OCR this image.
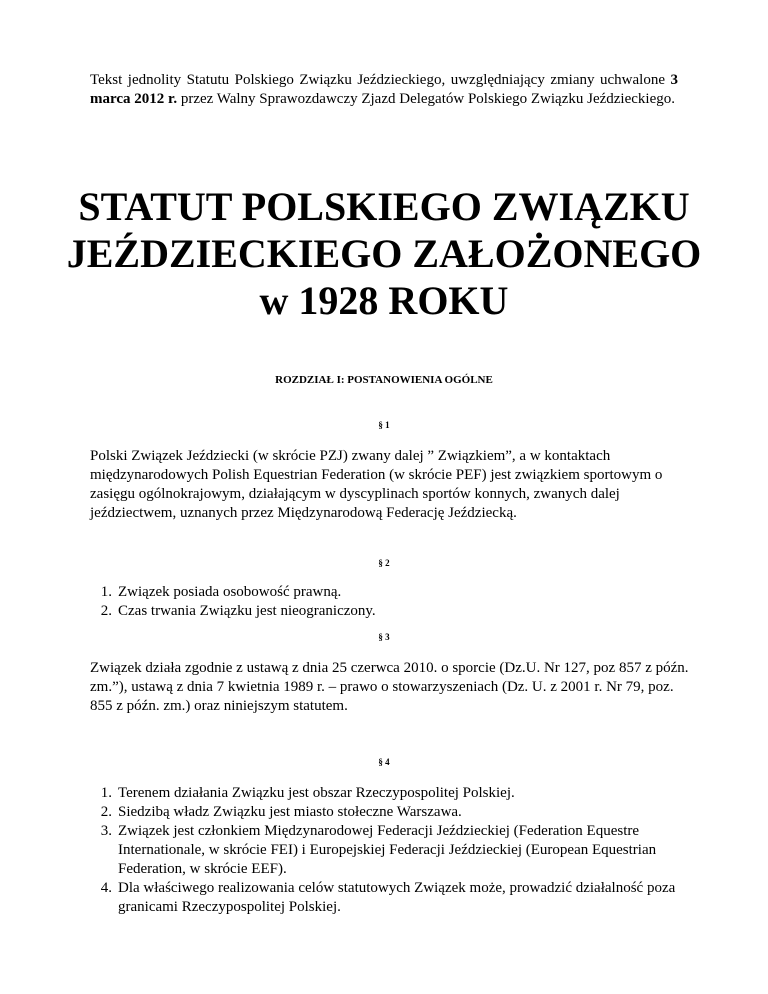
Tekst jednolity Statutu Polskiego Związku Jeździeckiego, uwzględniający zmiany uchwalone 3 marca 2012 r. przez Walny Sprawozdawczy Zjazd Delegatów Polskiego Związku Jeździeckiego.

STATUT POLSKIEGO ZWIĄZKU
JEŹDZIECKIEGO ZAŁOŻONEGO
w 1928 ROKU

ROZDZIAŁ I: POSTANOWIENIA OGÓLNE

§ 1

Polski Związek Jeździecki (w skrócie PZJ) zwany dalej ” Związkiem”, a w kontaktach międzynarodowych Polish Equestrian Federation (w skrócie PEF) jest związkiem sportowym o zasięgu ogólnokrajowym, działającym w dyscyplinach sportów konnych, zwanych dalej jeździectwem, uznanych przez Międzynarodową Federację Jeździecką.

§ 2

1. Związek posiada osobowość prawną.
2. Czas trwania Związku jest nieograniczony.

§ 3

Związek działa zgodnie z ustawą z dnia 25 czerwca 2010. o sporcie (Dz.U. Nr 127, poz 857 z późn. zm.”), ustawą z dnia 7 kwietnia 1989 r. – prawo o stowarzyszeniach (Dz. U. z 2001 r. Nr 79, poz. 855 z późn. zm.) oraz niniejszym statutem.

§ 4

1. Terenem działania Związku jest obszar Rzeczypospolitej Polskiej.
2. Siedzibą władz Związku jest miasto stołeczne Warszawa.
3. Związek jest członkiem Międzynarodowej Federacji Jeździeckiej (Federation Equestre Internationale, w skrócie FEI) i Europejskiej Federacji Jeździeckiej (European Equestrian Federation, w skrócie EEF).
4. Dla właściwego realizowania celów statutowych Związek może, prowadzić działalność poza granicami Rzeczypospolitej Polskiej.
